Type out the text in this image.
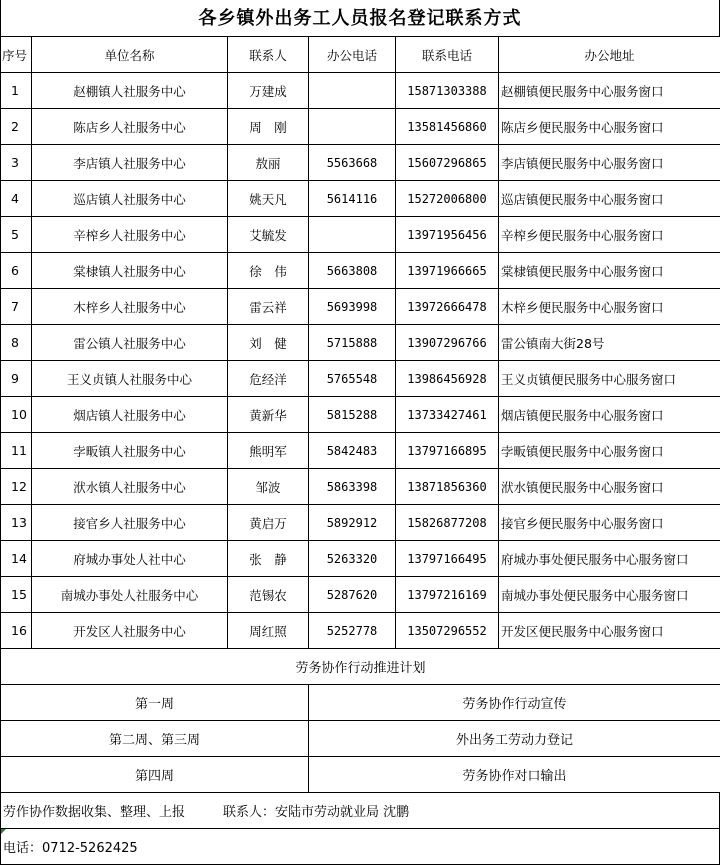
各乡镇外出务工人员报名登记联系方式
序号	单位名称	联系人	办公电话	联系电话	办公地址
1	赵棚镇人社服务中心	万建成		15871303388	赵棚镇便民服务中心服务窗口
2	陈店乡人社服务中心	周　刚		13581456860	陈店乡便民服务中心服务窗口
3	李店镇人社服务中心	敖丽	5563668	15607296865	李店镇便民服务中心服务窗口
4	巡店镇人社服务中心	姚天凡	5614116	15272006800	巡店镇便民服务中心服务窗口
5	辛榨乡人社服务中心	艾毓发		13971956456	辛榨乡便民服务中心服务窗口
6	棠棣镇人社服务中心	徐　伟	5663808	13971966665	棠棣镇便民服务中心服务窗口
7	木梓乡人社服务中心	雷云祥	5693998	13972666478	木梓乡便民服务中心服务窗口
8	雷公镇人社服务中心	刘　健	5715888	13907296766	雷公镇南大街28号
9	王义贞镇人社服务中心	危经洋	5765548	13986456928	王义贞镇便民服务中心服务窗口
10	烟店镇人社服务中心	黄新华	5815288	13733427461	烟店镇便民服务中心服务窗口
11	孛畈镇人社服务中心	熊明军	5842483	13797166895	孛畈镇便民服务中心服务窗口
12	洑水镇人社服务中心	邹波	5863398	13871856360	洑水镇便民服务中心服务窗口
13	接官乡人社服务中心	黄启万	5892912	15826877208	接官乡便民服务中心服务窗口
14	府城办事处人社中心	张　静	5263320	13797166495	府城办事处便民服务中心服务窗口
15	南城办事处人社服务中心	范锡农	5287620	13797216169	南城办事处便民服务中心服务窗口
16	开发区人社服务中心	周红照	5252778	13507296552	开发区便民服务中心服务窗口
劳务协作行动推进计划	
第一周	劳务协作行动宣传
第二周、第三周	外出务工劳动力登记
第四周	劳务协作对口输出
劳作协作数据收集、整理、上报	联系人：安陆市劳动就业局 沈鹏

电话：0712-5262425
